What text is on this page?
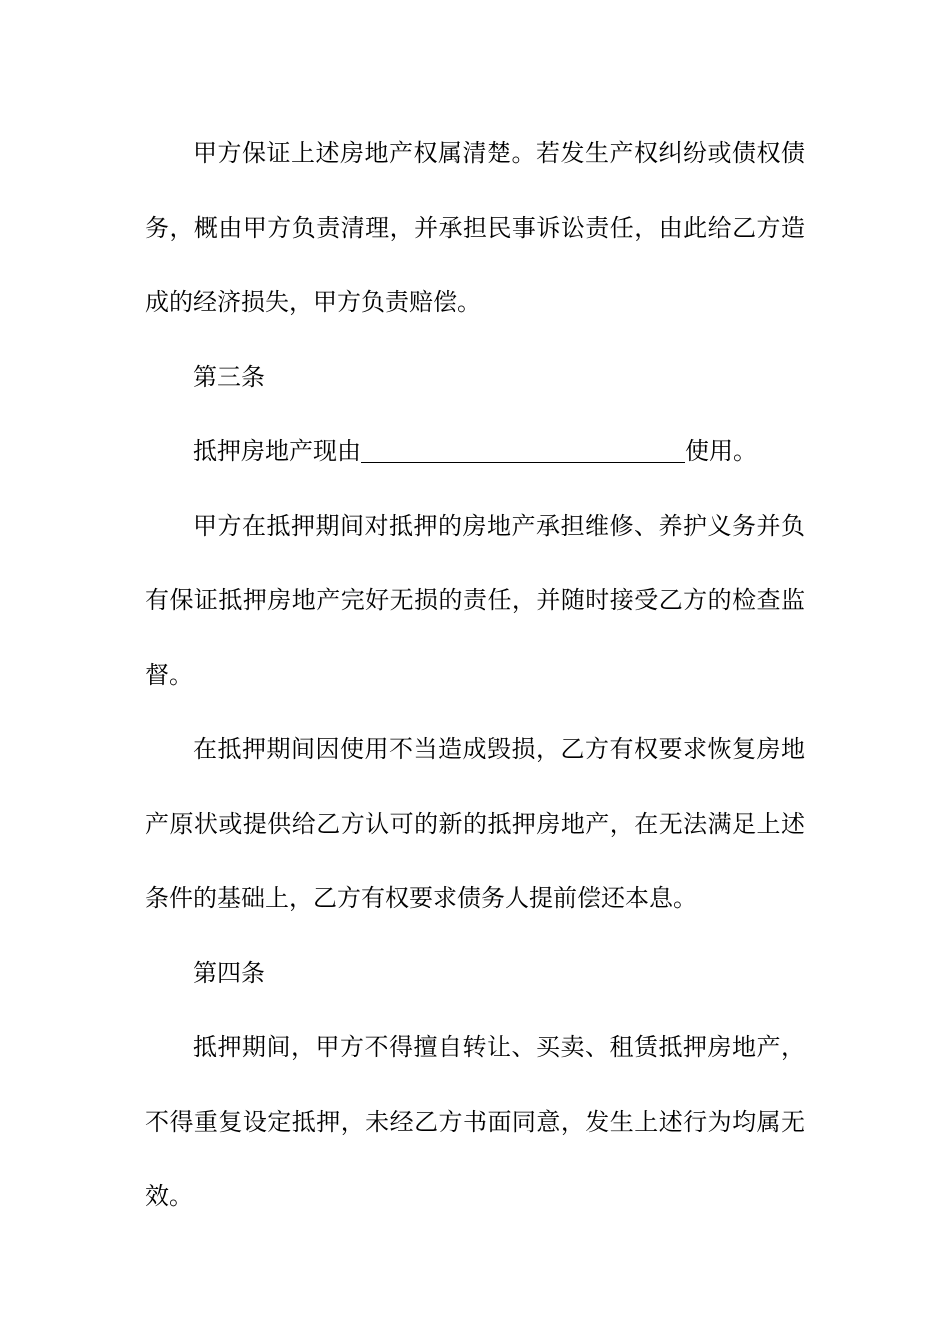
甲方保证上述房地产权属清楚。若发生产权纠纷或债权债务，概由甲方负责清理，并承担民事诉讼责任，由此给乙方造成的经济损失，甲方负责赔偿。

第三条

抵押房地产现由	使用。

甲方在抵押期间对抵押的房地产承担维修、养护义务并负有保证抵押房地产完好无损的责任，并随时接受乙方的检查监督。

在抵押期间因使用不当造成毁损，乙方有权要求恢复房地产原状或提供给乙方认可的新的抵押房地产，在无法满足上述条件的基础上，乙方有权要求债务人提前偿还本息。

第四条

抵押期间，甲方不得擅自转让、买卖、租赁抵押房地产，不得重复设定抵押，未经乙方书面同意，发生上述行为均属无效。
